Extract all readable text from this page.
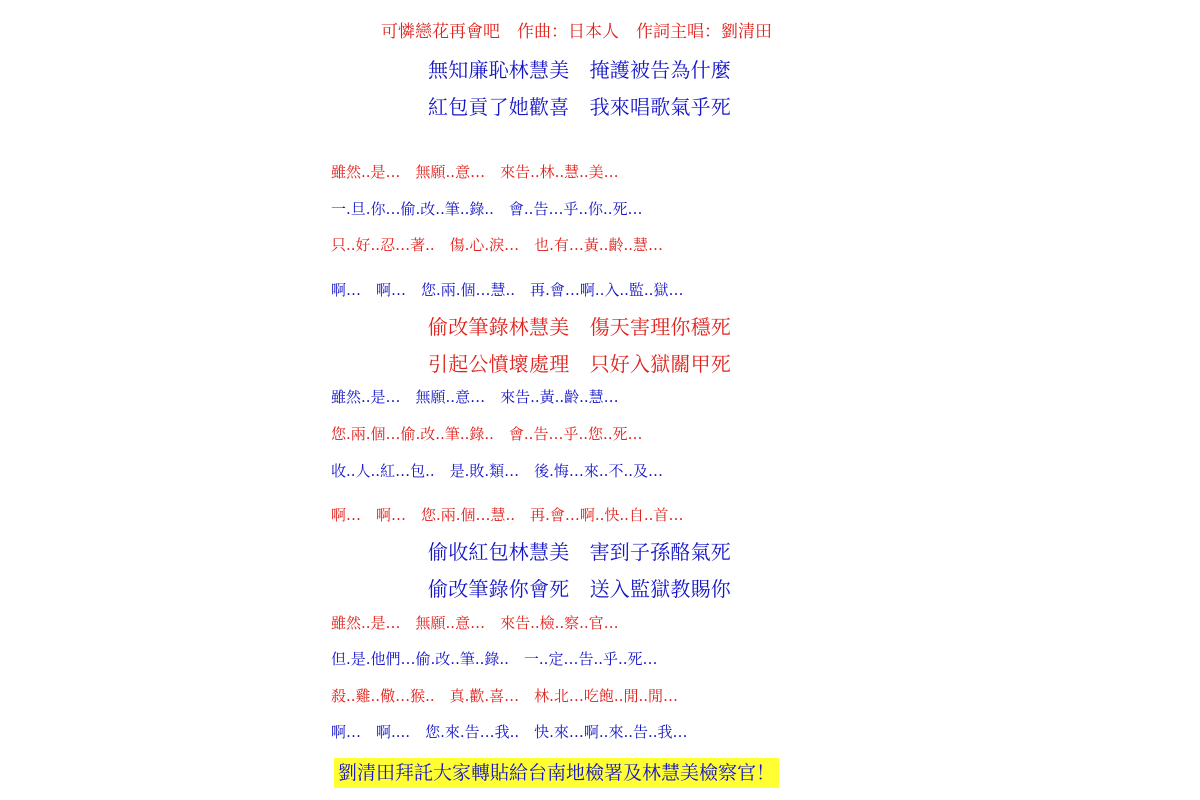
可憐戀花再會吧　作曲：日本人　作詞主唱：劉清田
無知廉恥林慧美　掩護被告為什麼
紅包貢了她歡喜　我來唱歌氣乎死
雖然..是…　無願..意…　來告..林..慧..美…
一.旦.你…偷.改..筆..錄..　會..告…乎..你..死…
只..好..忍…著..　傷.心.淚…　也.有…黃..齡..慧…
啊…　啊…　您.兩.個…慧..　再.會…啊..入..監..獄…
偷改筆錄林慧美　傷天害理你穩死
引起公憤壞處理　只好入獄關甲死
雖然..是…　無願..意…　來告..黃..齡..慧…
您.兩.個…偷.改..筆..錄..　會..告…乎..您..死…
收..人..紅…包..　是.敗.類…　後.悔…來..不..及…
啊…　啊…　您.兩.個…慧..　再.會…啊..快..自..首…
偷收紅包林慧美　害到子孫酪氣死
偷改筆錄你會死　送入監獄教賜你
雖然..是…　無願..意…　來告..檢..察..官…
但.是.他們…偷.改..筆..錄..　一..定…告..乎..死…
殺..雞..儆…猴..　真.歡.喜…　林.北…吃飽..閒..閒…
啊…　啊....　您.來.告…我..　快.來…啊..來..告..我…
劉清田拜託大家轉貼給台南地檢署及林慧美檢察官！
